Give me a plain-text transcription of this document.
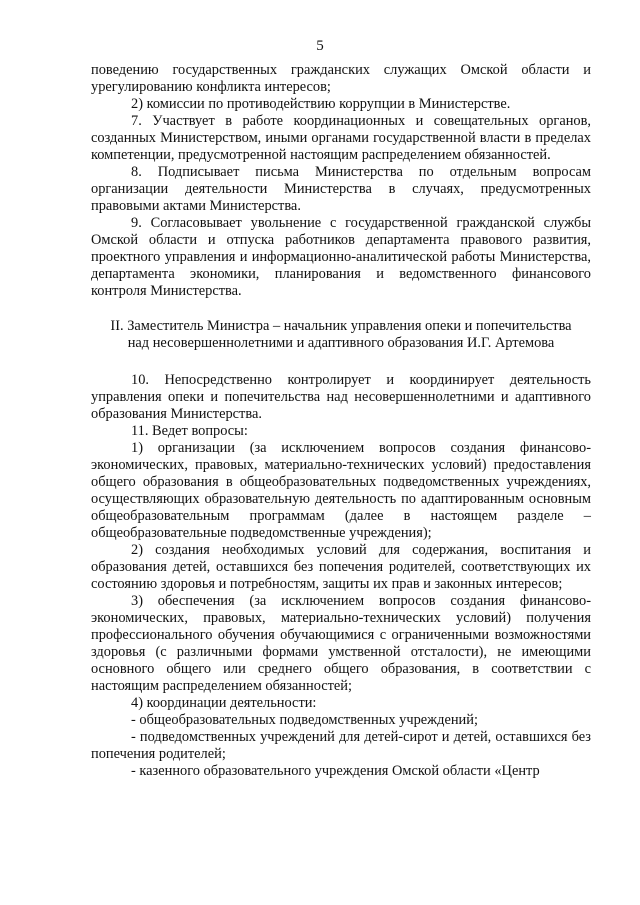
5

поведению государственных гражданских служащих Омской области и урегулированию конфликта интересов;

2) комиссии по противодействию коррупции в Министерстве.

7. Участвует в работе координационных и совещательных органов, созданных Министерством, иными органами государственной власти в пределах компетенции, предусмотренной настоящим распределением обязанностей.

8. Подписывает письма Министерства по отдельным вопросам организации деятельности Министерства в случаях, предусмотренных правовыми актами Министерства.

9. Согласовывает увольнение с государственной гражданской службы Омской области и отпуска работников департамента правового развития, проектного управления и информационно-аналитической работы Министерства, департамента экономики, планирования и ведомственного финансового контроля Министерства.

II. Заместитель Министра – начальник управления опеки и попечительства

над несовершеннолетними и адаптивного образования И.Г. Артемова

10. Непосредственно контролирует и координирует деятельность управления опеки и попечительства над несовершеннолетними и адаптивного образования Министерства.

11. Ведет вопросы:

1) организации (за исключением вопросов создания финансово-экономических, правовых, материально-технических условий) предоставления общего образования в общеобразовательных подведомственных учреждениях, осуществляющих образовательную деятельность по адаптированным основным общеобразовательным программам (далее в настоящем разделе – общеобразовательные подведомственные учреждения);

2) создания необходимых условий для содержания, воспитания и образования детей, оставшихся без попечения родителей, соответствующих их состоянию здоровья и потребностям, защиты их прав и законных интересов;

3) обеспечения (за исключением вопросов создания финансово-экономических, правовых, материально-технических условий) получения профессионального обучения обучающимися с ограниченными возможностями здоровья (с различными формами умственной отсталости), не имеющими основного общего или среднего общего образования, в соответствии с настоящим распределением обязанностей;

4) координации деятельности:

- общеобразовательных подведомственных учреждений;

- подведомственных учреждений для детей-сирот и детей, оставшихся без попечения родителей;

- казенного образовательного учреждения Омской области «Центр
